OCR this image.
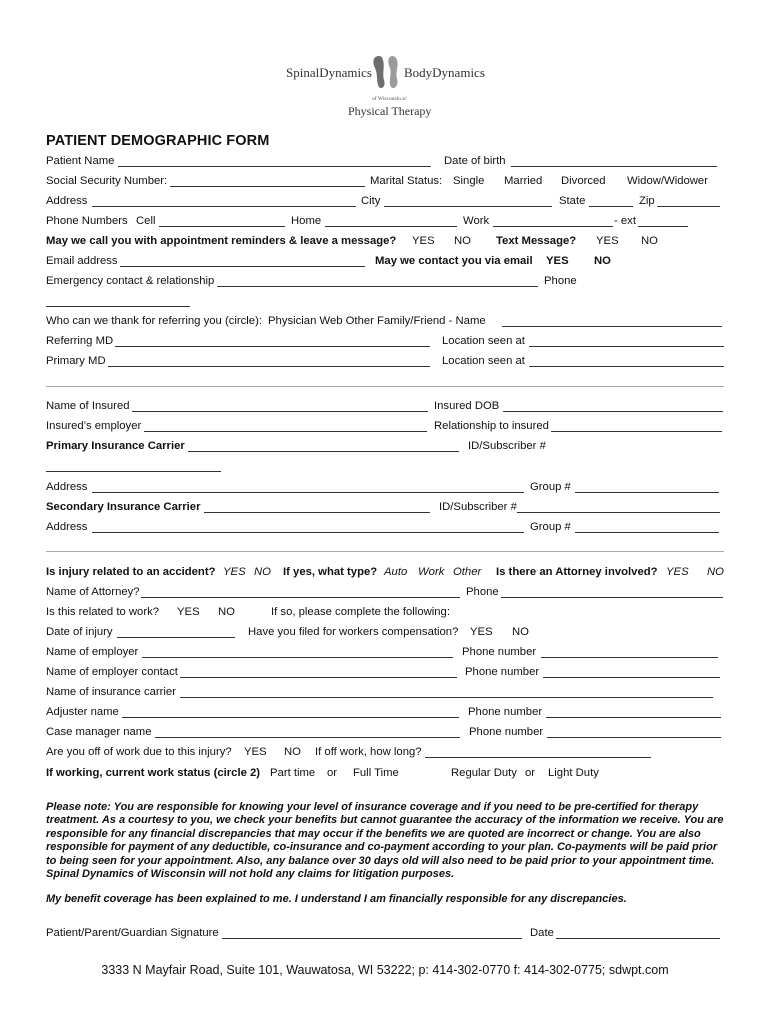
SpinalDynamics BodyDynamics
of Wisconsin sc
Physical Therapy
PATIENT DEMOGRAPHIC FORM
Patient Name	Date of birth
Social Security Number:	Marital Status: Single Married Divorced Widow/Widower
Address	City	State	Zip
Phone Numbers Cell	Home	Work	- ext
May we call you with appointment reminders & leave a message? YES NO Text Message? YES NO
Email address	May we contact you via email YES NO
Emergency contact & relationship	Phone
Who can we thank for referring you (circle): Physician Web Other Family/Friend - Name
Referring MD	Location seen at
Primary MD	Location seen at
Name of Insured	Insured DOB
Insured’s employer	Relationship to insured
Primary Insurance Carrier	ID/Subscriber #
Address	Group #
Secondary Insurance Carrier	ID/Subscriber #
Address	Group #
Is injury related to an accident? YES NO If yes, what type? Auto Work Other Is there an Attorney involved? YES NO
Name of Attorney?	Phone
Is this related to work? YES NO	If so, please complete the following:
Date of injury	Have you filed for workers compensation? YES NO
Name of employer	Phone number
Name of employer contact	Phone number
Name of insurance carrier
Adjuster name	Phone number
Case manager name	Phone number
Are you off of work due to this injury? YES NO If off work, how long?
If working, current work status (circle 2) Part time or Full Time	Regular Duty or Light Duty
Please note: You are responsible for knowing your level of insurance coverage and if you need to be pre-certified for therapy treatment. As a courtesy to you, we check your benefits but cannot guarantee the accuracy of the information we receive. You are responsible for any financial discrepancies that may occur if the benefits we are quoted are incorrect or change. You are also responsible for payment of any deductible, co-insurance and co-payment according to your plan. Co-payments will be paid prior to being seen for your appointment. Also, any balance over 30 days old will also need to be paid prior to your appointment time. Spinal Dynamics of Wisconsin will not hold any claims for litigation purposes.
My benefit coverage has been explained to me. I understand I am financially responsible for any discrepancies.
Patient/Parent/Guardian Signature	Date
3333 N Mayfair Road, Suite 101, Wauwatosa, WI 53222; p: 414-302-0770 f: 414-302-0775; sdwpt.com
